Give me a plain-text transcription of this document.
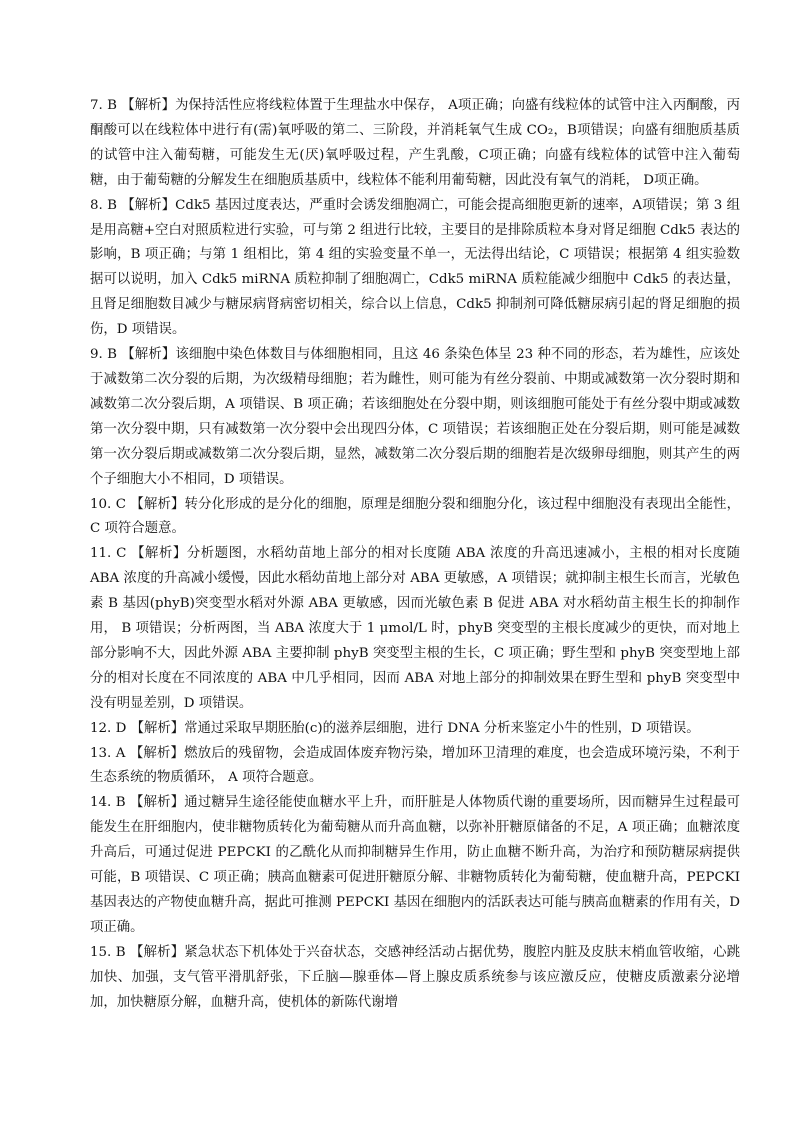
7. B 【解析】为保持活性应将线粒体置于生理盐水中保存， A项正确；向盛有线粒体的试管中注入丙酮酸，丙酮酸可以在线粒体中进行有(需)氧呼吸的第二、三阶段，并消耗氧气生成 CO₂，B项错误；向盛有细胞质基质的试管中注入葡萄糖，可能发生无(厌)氧呼吸过程，产生乳酸，C项正确；向盛有线粒体的试管中注入葡萄糖，由于葡萄糖的分解发生在细胞质基质中，线粒体不能利用葡萄糖，因此没有氧气的消耗， D项正确。

8. B 【解析】Cdk5 基因过度表达，严重时会诱发细胞凋亡，可能会提高细胞更新的速率，A项错误；第 3 组是用高糖+空白对照质粒进行实验，可与第 2 组进行比较，主要目的是排除质粒本身对肾足细胞 Cdk5 表达的影响，B 项正确；与第 1 组相比，第 4 组的实验变量不单一，无法得出结论，C 项错误；根据第 4 组实验数据可以说明，加入 Cdk5 miRNA 质粒抑制了细胞凋亡，Cdk5 miRNA 质粒能减少细胞中 Cdk5 的表达量，且肾足细胞数目减少与糖尿病肾病密切相关，综合以上信息，Cdk5 抑制剂可降低糖尿病引起的肾足细胞的损伤，D 项错误。

9. B 【解析】该细胞中染色体数目与体细胞相同，且这 46 条染色体呈 23 种不同的形态，若为雄性，应该处于减数第二次分裂的后期，为次级精母细胞；若为雌性，则可能为有丝分裂前、中期或减数第一次分裂时期和减数第二次分裂后期，A 项错误、B 项正确；若该细胞处在分裂中期，则该细胞可能处于有丝分裂中期或减数第一次分裂中期，只有减数第一次分裂中会出现四分体，C 项错误；若该细胞正处在分裂后期，则可能是减数第一次分裂后期或减数第二次分裂后期，显然，减数第二次分裂后期的细胞若是次级卵母细胞，则其产生的两个子细胞大小不相同，D 项错误。

10. C 【解析】转分化形成的是分化的细胞，原理是细胞分裂和细胞分化，该过程中细胞没有表现出全能性，C 项符合题意。

11. C 【解析】分析题图，水稻幼苗地上部分的相对长度随 ABA 浓度的升高迅速减小，主根的相对长度随 ABA 浓度的升高减小缓慢，因此水稻幼苗地上部分对 ABA 更敏感，A 项错误；就抑制主根生长而言，光敏色素 B 基因(phyB)突变型水稻对外源 ABA 更敏感，因而光敏色素 B 促进 ABA 对水稻幼苗主根生长的抑制作用， B 项错误；分析两图，当 ABA 浓度大于 1 μmol/L 时，phyB 突变型的主根长度减少的更快，而对地上部分影响不大，因此外源 ABA 主要抑制 phyB 突变型主根的生长，C 项正确；野生型和 phyB 突变型地上部分的相对长度在不同浓度的 ABA 中几乎相同，因而 ABA 对地上部分的抑制效果在野生型和 phyB 突变型中没有明显差别，D 项错误。

12. D 【解析】常通过采取早期胚胎(c)的滋养层细胞，进行 DNA 分析来鉴定小牛的性别，D 项错误。

13. A 【解析】燃放后的残留物，会造成固体废弃物污染，增加环卫清理的难度，也会造成环境污染，不利于生态系统的物质循环， A 项符合题意。

14. B 【解析】通过糖异生途径能使血糖水平上升，而肝脏是人体物质代谢的重要场所，因而糖异生过程最可能发生在肝细胞内，使非糖物质转化为葡萄糖从而升高血糖，以弥补肝糖原储备的不足，A 项正确；血糖浓度升高后，可通过促进 PEPCKI 的乙酰化从而抑制糖异生作用，防止血糖不断升高，为治疗和预防糖尿病提供可能，B 项错误、C 项正确；胰高血糖素可促进肝糖原分解、非糖物质转化为葡萄糖，使血糖升高，PEPCKI 基因表达的产物使血糖升高，据此可推测 PEPCKI 基因在细胞内的活跃表达可能与胰高血糖素的作用有关，D 项正确。

15. B 【解析】紧急状态下机体处于兴奋状态，交感神经活动占据优势，腹腔内脏及皮肤末梢血管收缩，心跳加快、加强，支气管平滑肌舒张，下丘脑—腺垂体—肾上腺皮质系统参与该应激反应，使糖皮质激素分泌增加，加快糖原分解，血糖升高，使机体的新陈代谢增
